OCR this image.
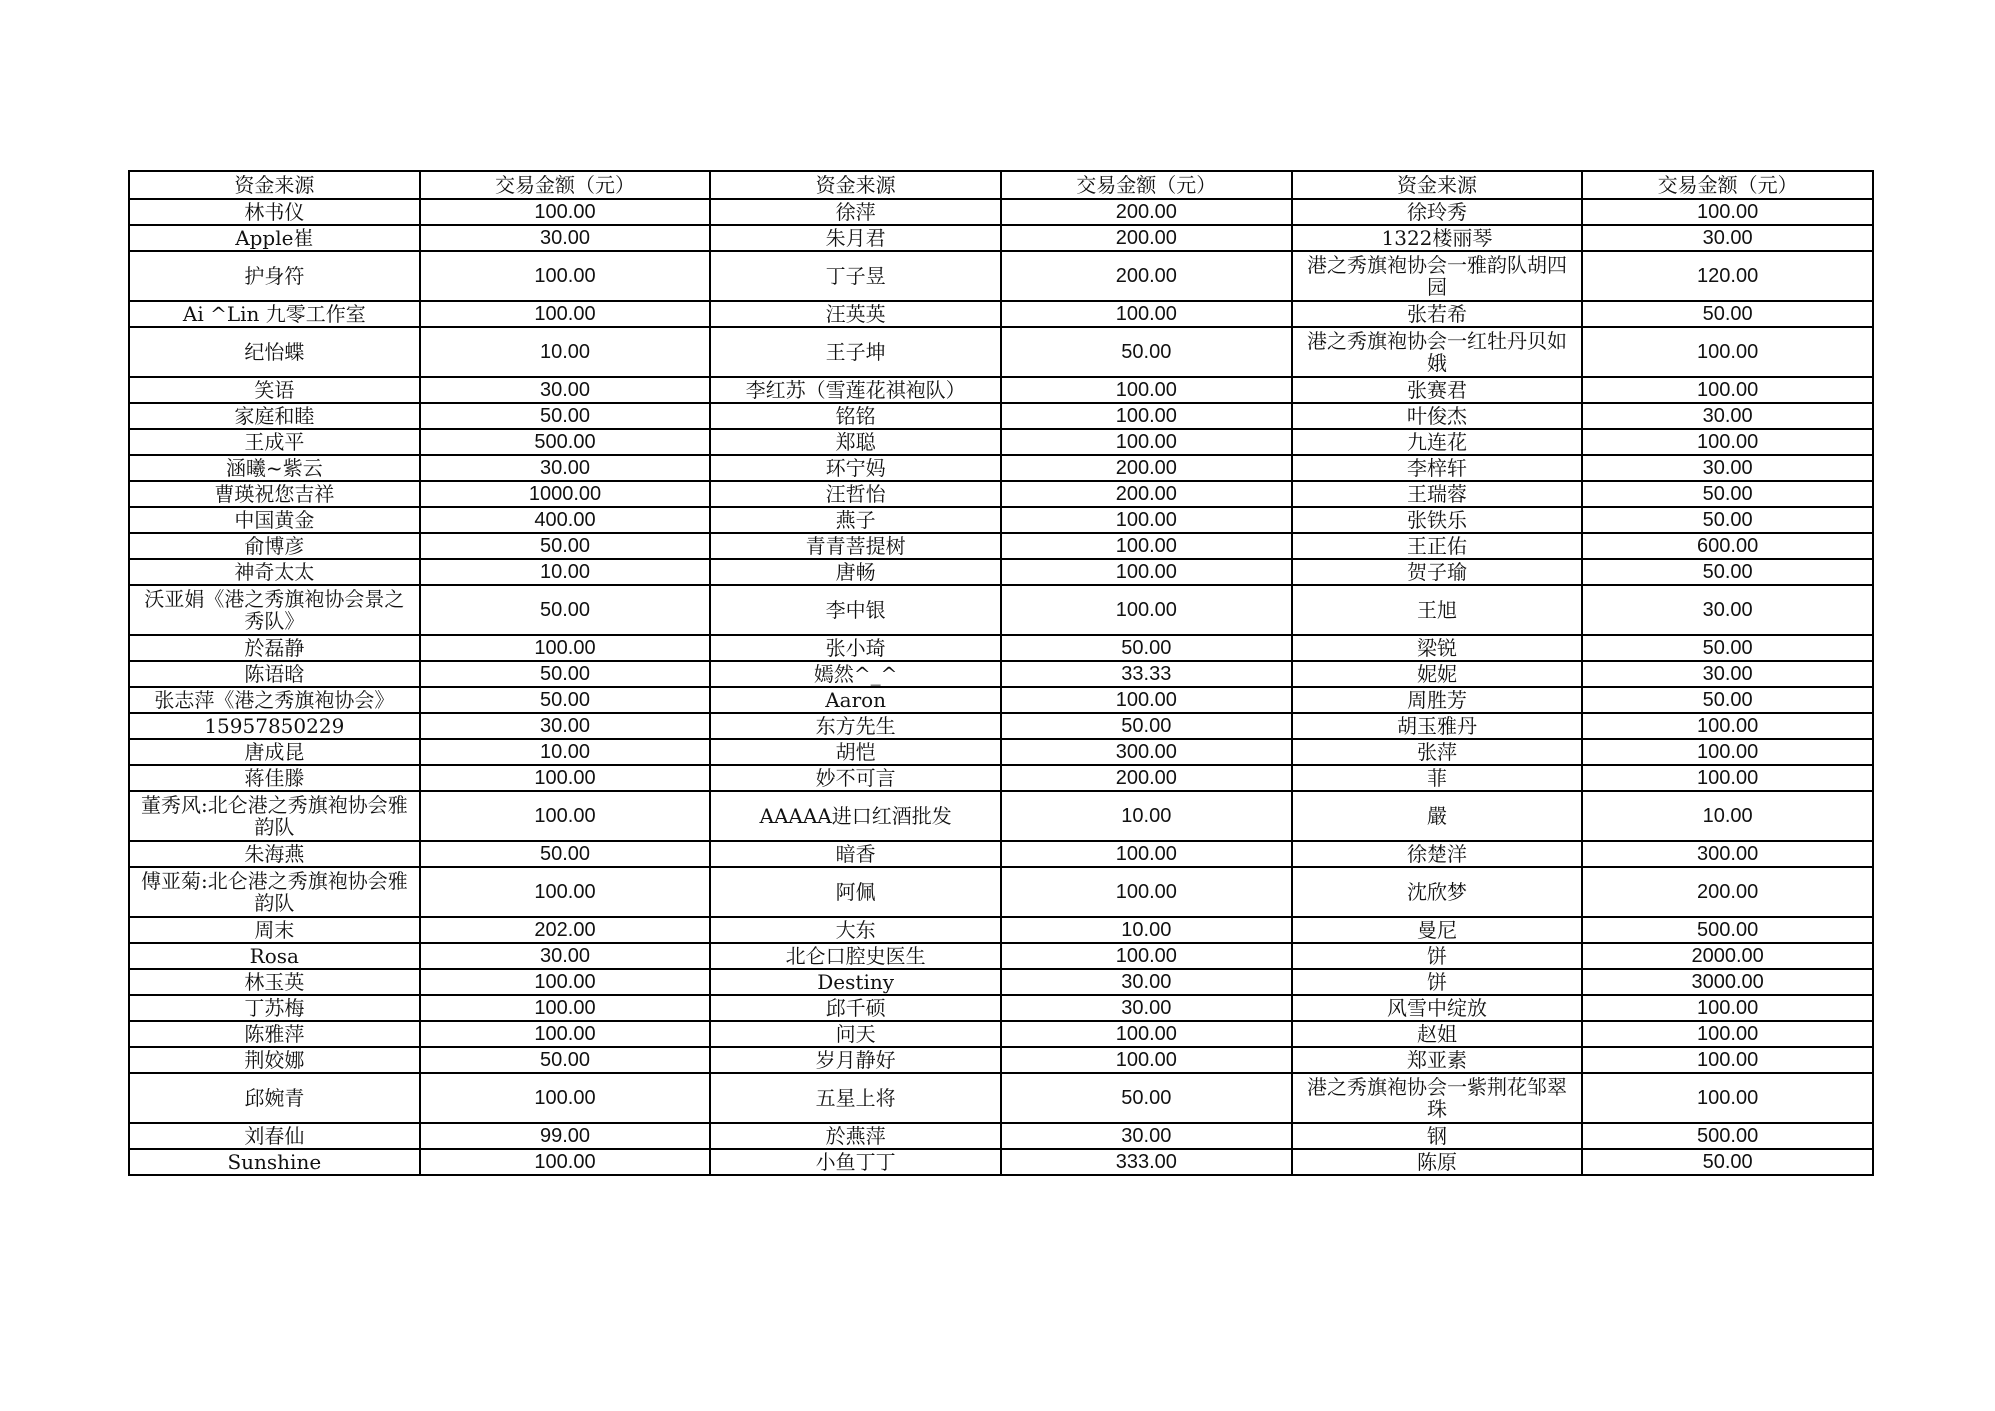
资金来源	交易金额（元）	资金来源	交易金额（元）	资金来源	交易金额（元）
林书仪	100.00	徐萍	200.00	徐玲秀	100.00
Apple崔	30.00	朱月君	200.00	1322楼丽琴	30.00
护身符	100.00	丁子昱	200.00	港之秀旗袍协会一雅韵队胡四园	120.00
Ai ^Lin 九零工作室	100.00	汪英英	100.00	张若希	50.00
纪怡蝶	10.00	王子坤	50.00	港之秀旗袍协会一红牡丹贝如娥	100.00
笑语	30.00	李红苏（雪莲花祺袍队）	100.00	张赛君	100.00
家庭和睦	50.00	铭铭	100.00	叶俊杰	30.00
王成平	500.00	郑聪	100.00	九连花	100.00
涵曦~紫云	30.00	环宁妈	200.00	李梓轩	30.00
曹瑛祝您吉祥	1000.00	汪哲怡	200.00	王瑞蓉	50.00
中国黄金	400.00	燕子	100.00	张铁乐	50.00
俞博彦	50.00	青青菩提树	100.00	王正佑	600.00
神奇太太	10.00	唐畅	100.00	贺子瑜	50.00
沃亚娟《港之秀旗袍协会景之秀队》	50.00	李中银	100.00	王旭	30.00
於磊静	100.00	张小琦	50.00	梁锐	50.00
陈语晗	50.00	嫣然^_^	33.33	妮妮	30.00
张志萍《港之秀旗袍协会》	50.00	Aaron	100.00	周胜芳	50.00
15957850229	30.00	东方先生	50.00	胡玉雅丹	100.00
唐成昆	10.00	胡恺	300.00	张萍	100.00
蒋佳滕	100.00	妙不可言	200.00	菲	100.00
董秀风:北仑港之秀旗袍协会雅韵队	100.00	AAAAA进口红酒批发	10.00	嚴	10.00
朱海燕	50.00	暗香	100.00	徐楚洋	300.00
傅亚菊:北仑港之秀旗袍协会雅韵队	100.00	阿佩	100.00	沈欣梦	200.00
周末	202.00	大东	10.00	曼尼	500.00
Rosa	30.00	北仑口腔史医生	100.00	饼	2000.00
林玉英	100.00	Destiny	30.00	饼	3000.00
丁苏梅	100.00	邱千硕	30.00	风雪中绽放	100.00
陈雅萍	100.00	问天	100.00	赵姐	100.00
荆姣娜	50.00	岁月静好	100.00	郑亚素	100.00
邱婉青	100.00	五星上将	50.00	港之秀旗袍协会一紫荆花邹翠珠	100.00
刘春仙	99.00	於燕萍	30.00	钢	500.00
Sunshine	100.00	小鱼丁丁	333.00	陈原	50.00
